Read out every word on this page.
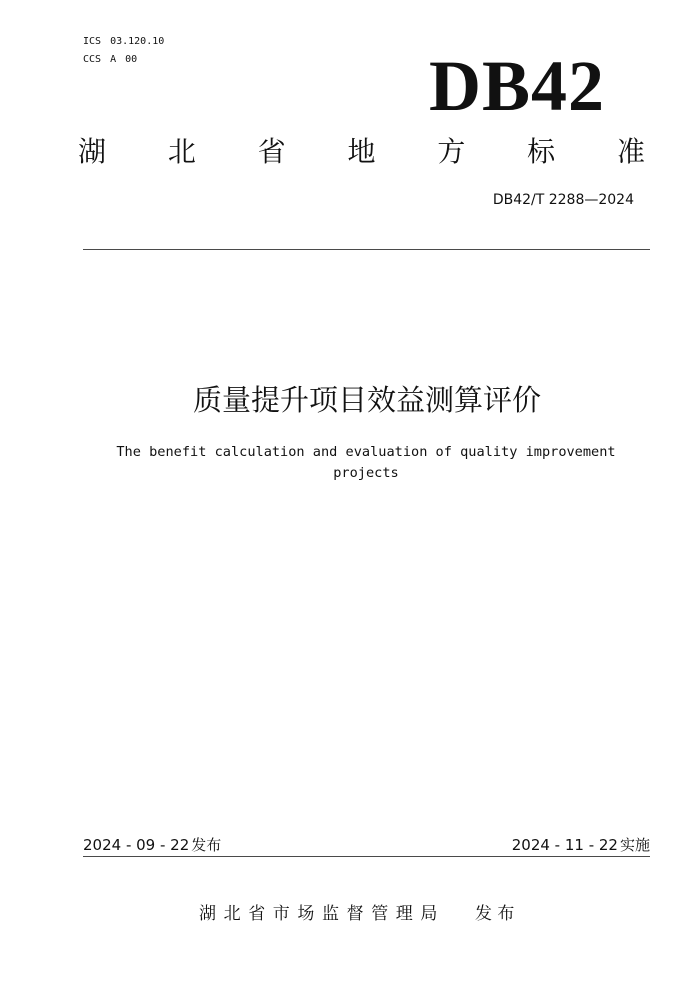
ICS 03.120.10
CCS A 00	DB42
湖 北 省 地 方 标 准
DB42/T 2288—2024
质量提升项目效益测算评价
The benefit calculation and evaluation of quality improvement
projects
2024 - 09 - 22 发布	2024 - 11 - 22 实施
湖北省市场监督管理局 发 布
